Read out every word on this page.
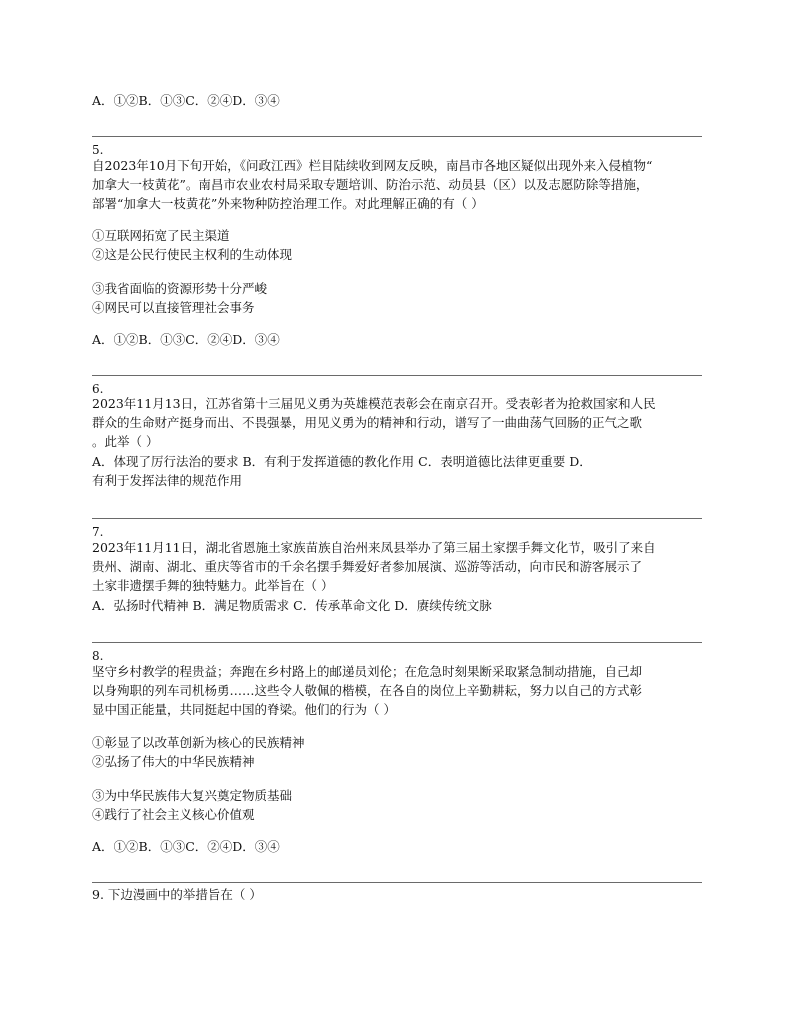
A．①②B．①③C．②④D．③④
5.
自2023年10月下旬开始，《问政江西》栏目陆续收到网友反映，南昌市各地区疑似出现外来入侵植物“
加拿大一枝黄花”。南昌市农业农村局采取专题培训、防治示范、动员县（区）以及志愿防除等措施，
部署“加拿大一枝黄花”外来物种防控治理工作。对此理解正确的有（ ）
①互联网拓宽了民主渠道
②这是公民行使民主权利的生动体现
③我省面临的资源形势十分严峻
④网民可以直接管理社会事务
A．①②B．①③C．②④D．③④
6.
2023年11月13日，江苏省第十三届见义勇为英雄模范表彰会在南京召开。受表彰者为抢救国家和人民
群众的生命财产挺身而出、不畏强暴，用见义勇为的精神和行动，谱写了一曲曲荡气回肠的正气之歌
。此举（ ）
A．体现了厉行法治的要求 B．有利于发挥道德的教化作用 C．表明道德比法律更重要 D．
有利于发挥法律的规范作用
7.
2023年11月11日，湖北省恩施土家族苗族自治州来凤县举办了第三届土家摆手舞文化节，吸引了来自
贵州、湖南、湖北、重庆等省市的千余名摆手舞爱好者参加展演、巡游等活动，向市民和游客展示了
土家非遗摆手舞的独特魅力。此举旨在（ ）
A．弘扬时代精神 B．满足物质需求 C．传承革命文化 D．赓续传统文脉
8.
坚守乡村教学的程贵益；奔跑在乡村路上的邮递员刘伦；在危急时刻果断采取紧急制动措施，自己却
以身殉职的列车司机杨勇……这些令人敬佩的楷模，在各自的岗位上辛勤耕耘，努力以自己的方式彰
显中国正能量，共同挺起中国的脊梁。他们的行为（ ）
①彰显了以改革创新为核心的民族精神
②弘扬了伟大的中华民族精神
③为中华民族伟大复兴奠定物质基础
④践行了社会主义核心价值观
A．①②B．①③C．②④D．③④
9. 下边漫画中的举措旨在（ ）
